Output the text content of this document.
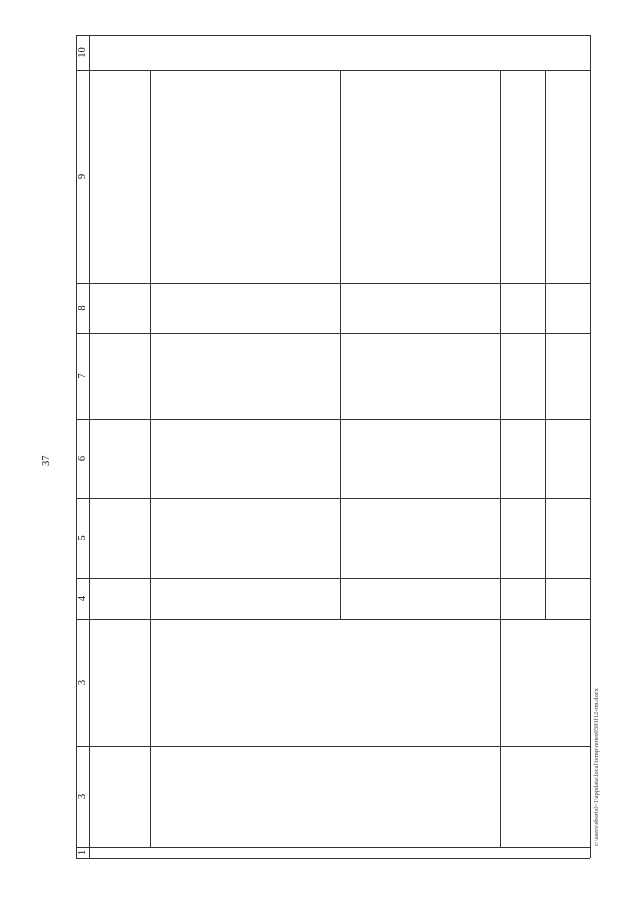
37
1
3
3
4
5
6
7
8
9
10
c:\users\sborisl~1\appdata\local\temp\notes0393f12-rm.docx
